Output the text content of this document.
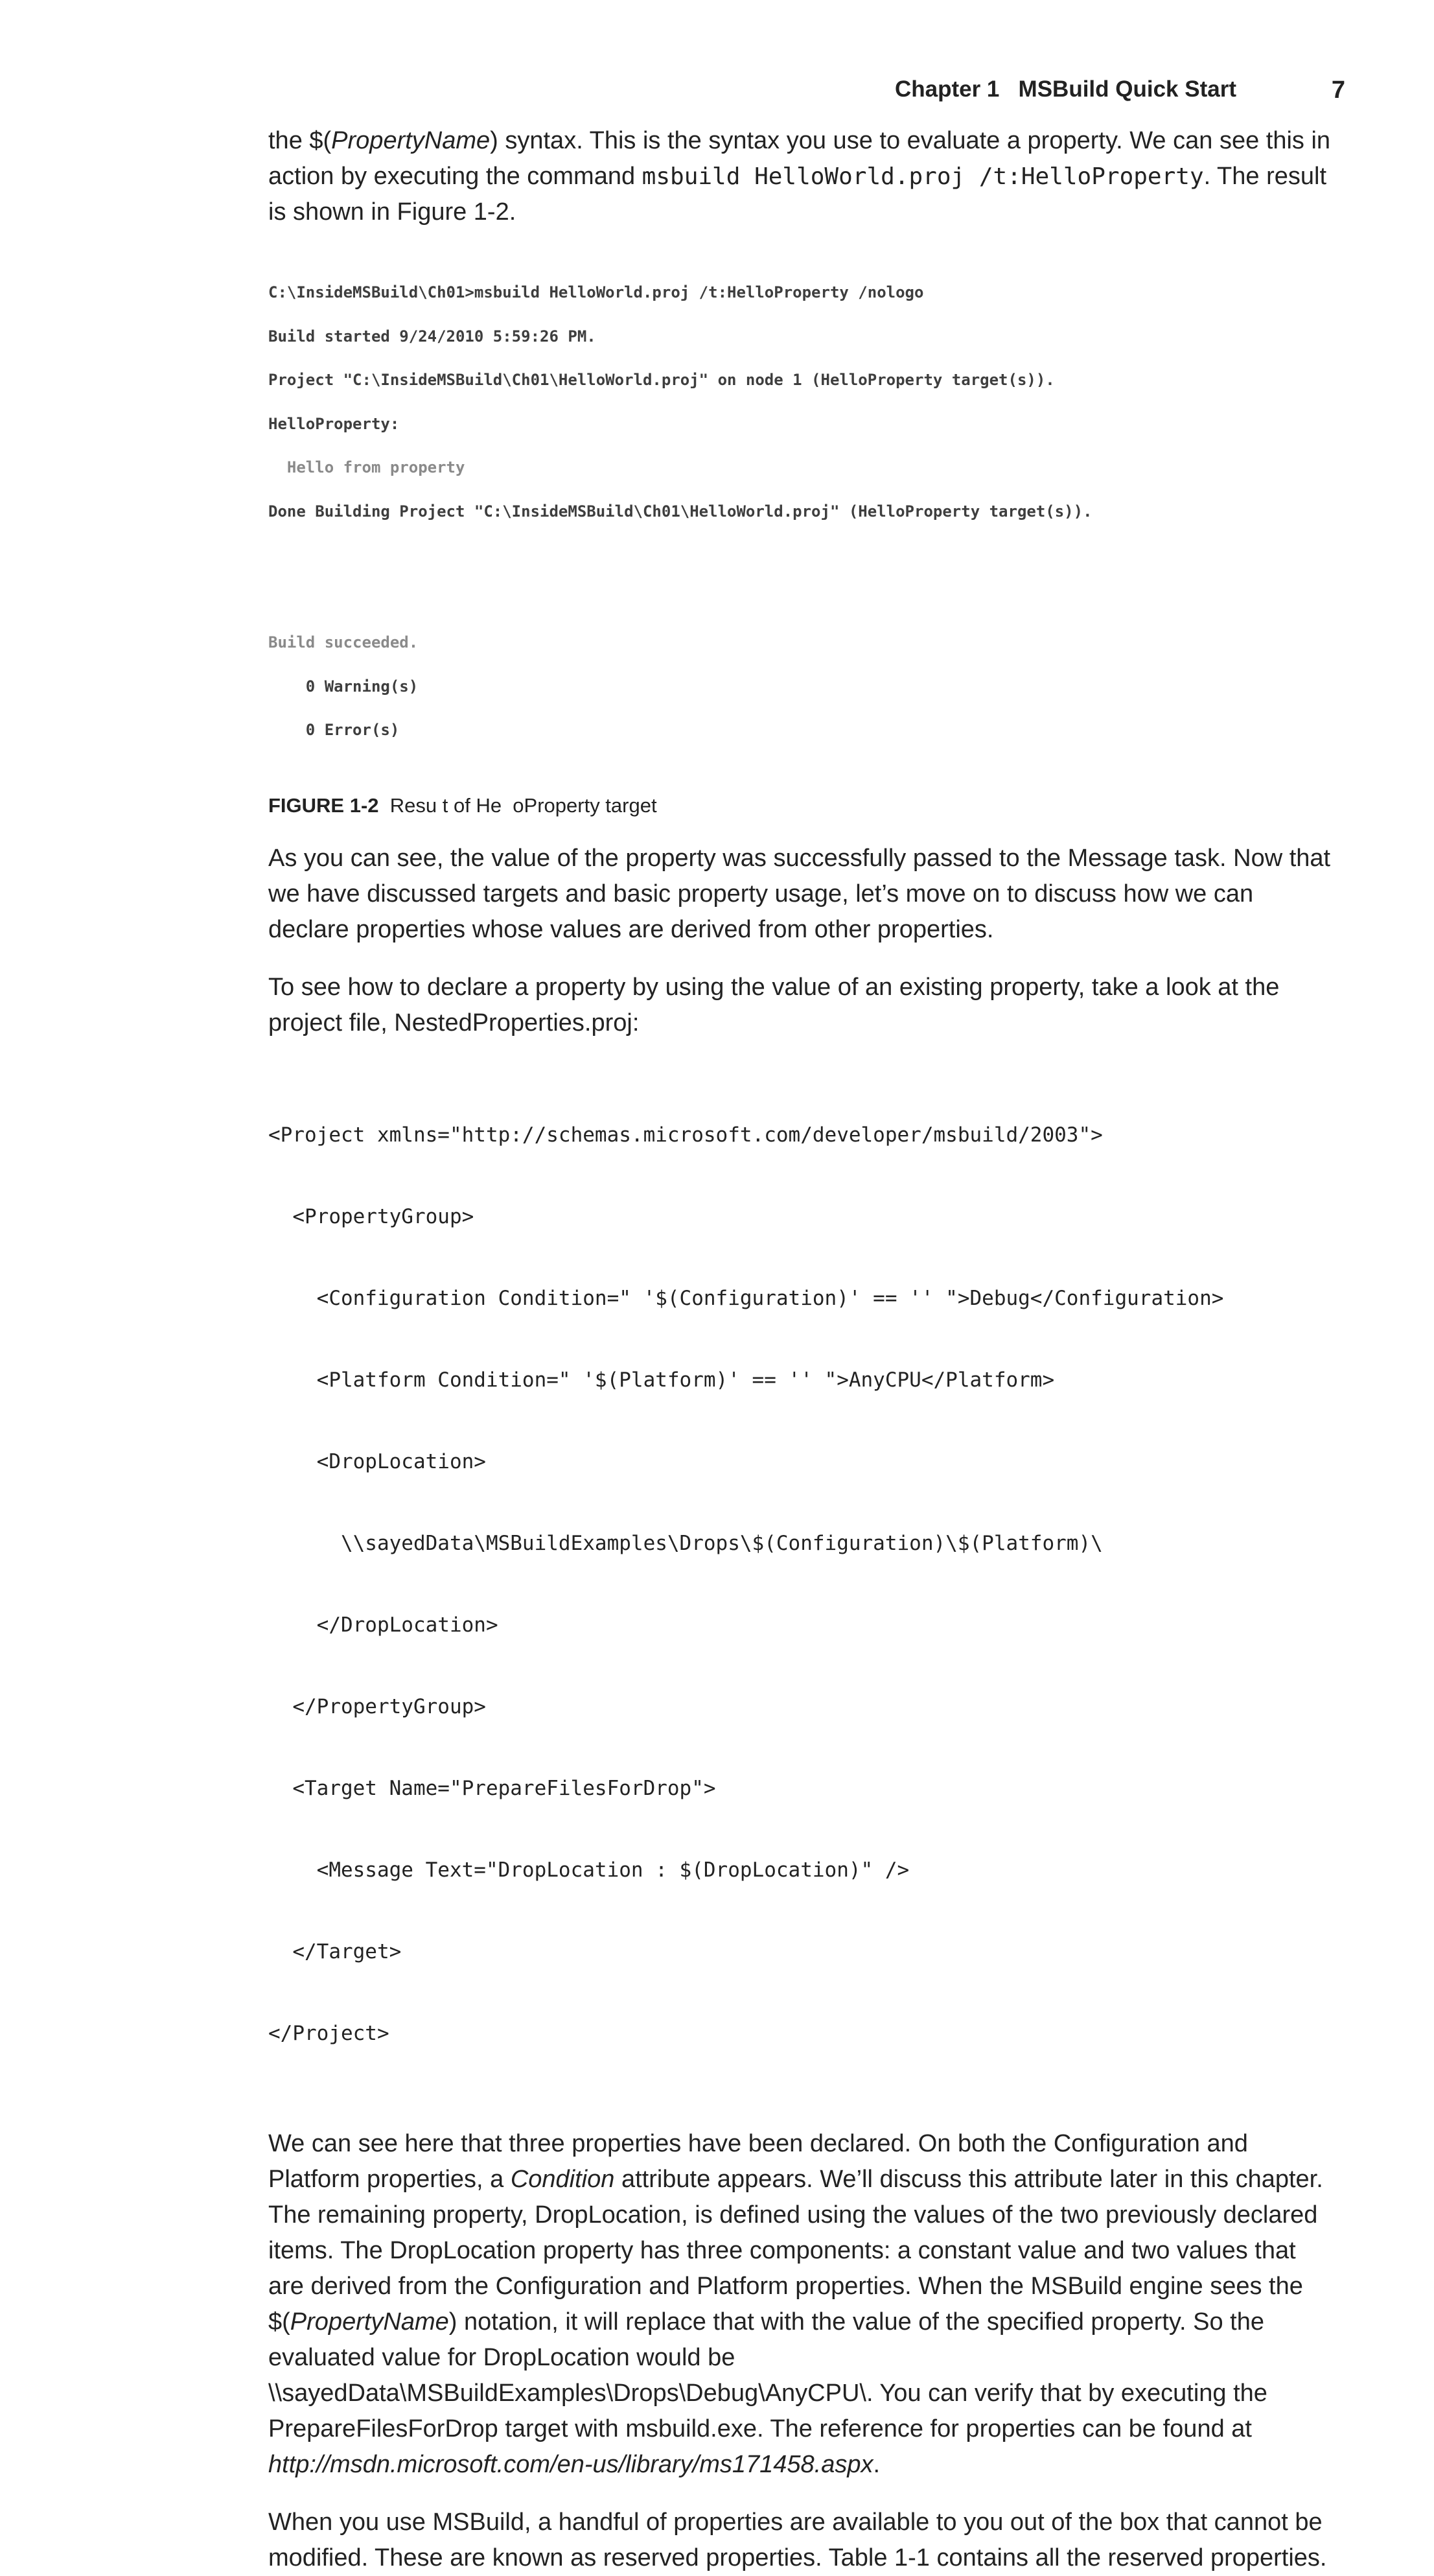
Chapter 1   MSBuild Quick Start	7

the $(PropertyName) syntax. This is the syntax you use to evaluate a property. We can see this in action by executing the command msbuild HelloWorld.proj /t:HelloProperty. The result is shown in Figure 1-2.

C:\InsideMSBuild\Ch01>msbuild HelloWorld.proj /t:HelloProperty /nologo

Build started 9/24/2010 5:59:26 PM.

Project "C:\InsideMSBuild\Ch01\HelloWorld.proj" on node 1 (HelloProperty target(s)).

HelloProperty:

Hello from property

Done Building Project "C:\InsideMSBuild\Ch01\HelloWorld.proj" (HelloProperty target(s)).

Build succeeded.

0 Warning(s)

0 Error(s)

FIGURE 1-2 Resu t of He  oProperty target

As you can see, the value of the property was successfully passed to the Message task. Now that we have discussed targets and basic property usage, let’s move on to discuss how we can declare properties whose values are derived from other properties.

To see how to declare a property by using the value of an existing property, take a look at the project file, NestedProperties.proj:

<Project xmlns="http://schemas.microsoft.com/developer/msbuild/2003">

<PropertyGroup>

<Configuration Condition=" '$(Configuration)' == '' ">Debug</Configuration>

<Platform Condition=" '$(Platform)' == '' ">AnyCPU</Platform>

<DropLocation>

\\sayedData\MSBuildExamples\Drops\$(Configuration)\$(Platform)\

</DropLocation>

</PropertyGroup>

<Target Name="PrepareFilesForDrop">

<Message Text="DropLocation : $(DropLocation)" />

</Target>

</Project>

We can see here that three properties have been declared. On both the Configuration and Platform properties, a Condition attribute appears. We’ll discuss this attribute later in this chapter. The remaining property, DropLocation, is defined using the values of the two previously declared items. The DropLocation property has three components: a constant value and two values that are derived from the Configuration and Platform properties. When the MSBuild engine sees the $(PropertyName) notation, it will replace that with the value of the specified property. So the evaluated value for DropLocation would be \\sayedData\MSBuildExamples\Drops\Debug\AnyCPU\. You can verify that by executing the PrepareFilesForDrop target with msbuild.exe. The reference for properties can be found at http://msdn.microsoft.com/en-us/library/ms171458.aspx.

When you use MSBuild, a handful of properties are available to you out of the box that cannot be modified. These are known as reserved properties. Table 1-1 contains all the reserved properties.
